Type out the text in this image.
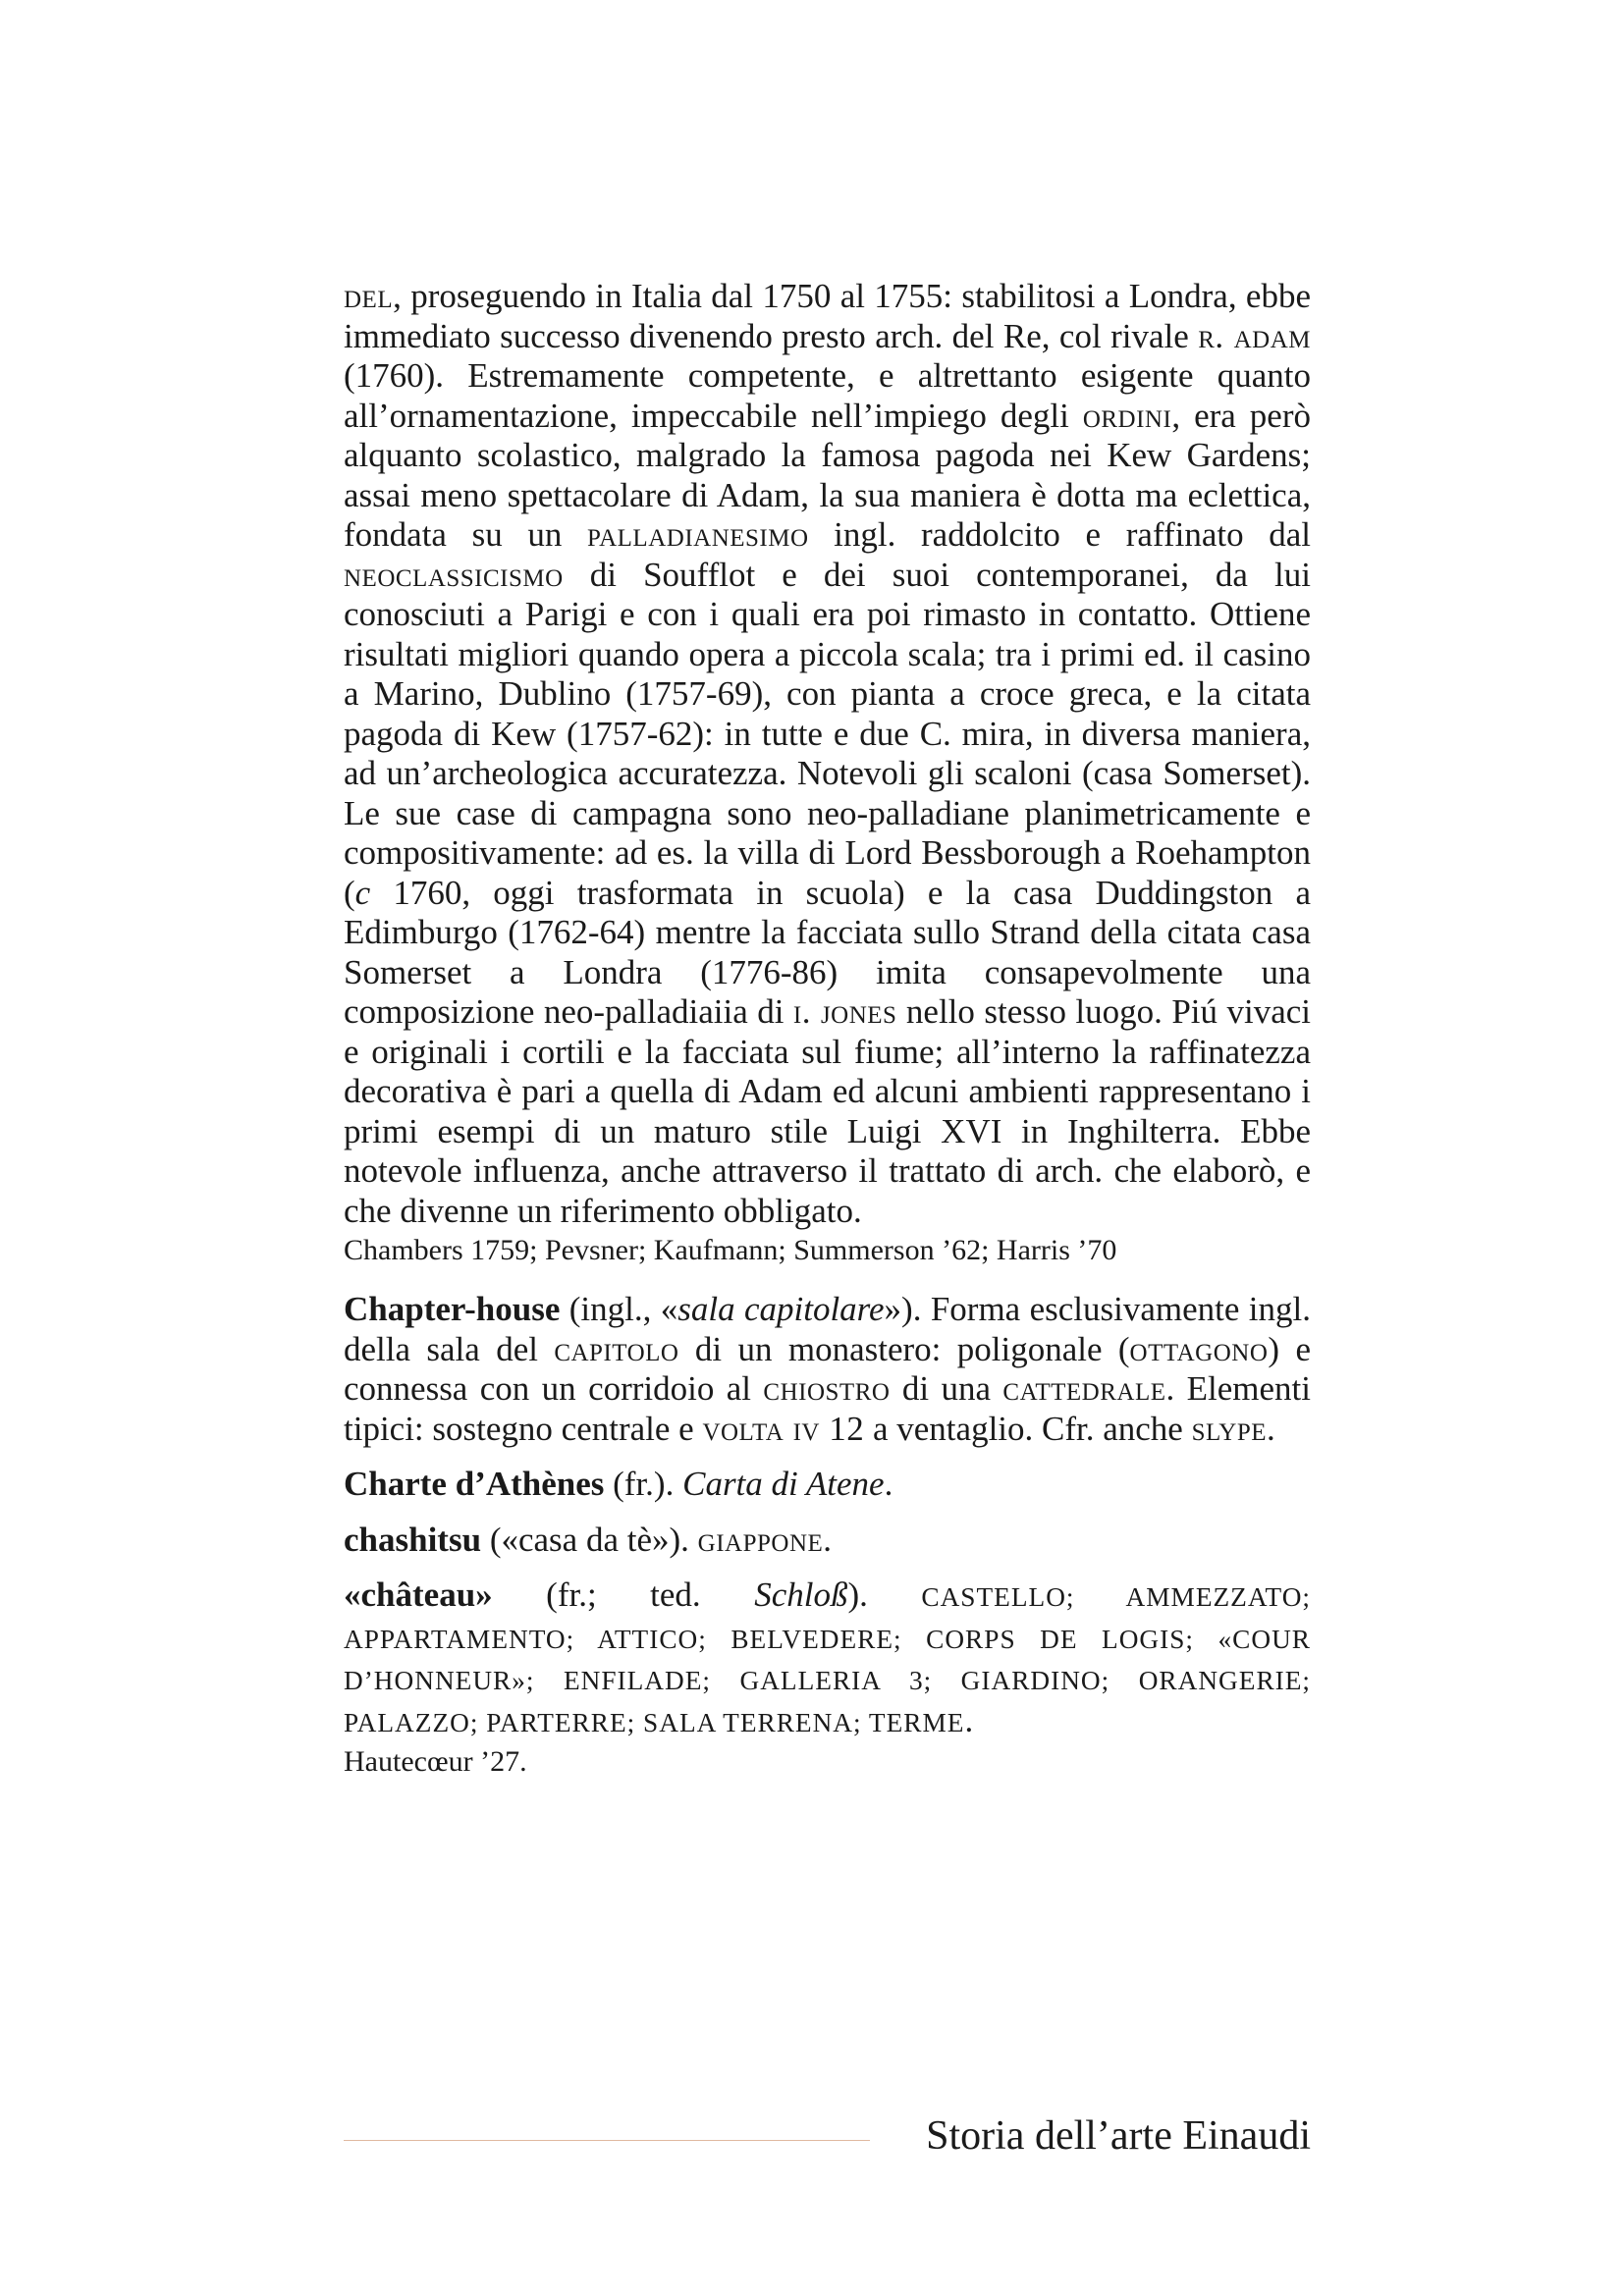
del, proseguendo in Italia dal 1750 al 1755: stabilitosi a Londra, ebbe immediato successo divenendo presto arch. del Re, col rivale r. adam (1760). Estremamente competente, e altrettanto esigente quanto all’ornamentazione, impeccabile nell’impiego degli ordini, era però alquanto scolastico, malgrado la famosa pagoda nei Kew Gardens; assai meno spettacolare di Adam, la sua maniera è dotta ma eclettica, fondata su un palladianesimo ingl. raddolcito e raffinato dal neoclassicismo di Soufflot e dei suoi contemporanei, da lui conosciuti a Parigi e con i quali era poi rimasto in contatto. Ottiene risultati migliori quando opera a piccola scala; tra i primi ed. il casino a Marino, Dublino (1757-69), con pianta a croce greca, e la citata pagoda di Kew (1757-62): in tutte e due C. mira, in diversa maniera, ad un’archeologica accuratezza. Notevoli gli scaloni (casa Somerset). Le sue case di campagna sono neo-palladiane planimetricamente e compositivamente: ad es. la villa di Lord Bessborough a Roehampton (c 1760, oggi trasformata in scuola) e la casa Duddingston a Edimburgo (1762-64) mentre la facciata sullo Strand della citata casa Somerset a Londra (1776-86) imita consapevolmente una composizione neo-palladiaiia di i. jones nello stesso luogo. Piú vivaci e originali i cortili e la facciata sul fiume; all’interno la raffinatezza decorativa è pari a quella di Adam ed alcuni ambienti rappresentano i primi esempi di un maturo stile Luigi XVI in Inghilterra. Ebbe notevole influenza, anche attraverso il trattato di arch. che elaborò, e che divenne un riferimento obbligato.

Chambers 1759; Pevsner; Kaufmann; Summerson ’62; Harris ’70

Chapter-house (ingl., «sala capitolare»). Forma esclusivamente ingl. della sala del capitolo di un monastero: poligonale (ottagono) e connessa con un corridoio al chiostro di una cattedrale. Elementi tipici: sostegno centrale e volta iv 12 a ventaglio. Cfr. anche slype.

Charte d’Athènes (fr.). Carta di Atene.

chashitsu («casa da tè»). giappone.

«château» (fr.; ted. Schloß). CASTELLO; AMMEZZATO; APPARTAMENTO; ATTICO; BELVEDERE; CORPS DE LOGIS; «COUR D’HONNEUR»; ENFILADE; GALLERIA 3; GIARDINO; ORANGERIE; PALAZZO; PARTERRE; SALA TERRENA; TERME.

Hautecœur ’27.

Storia dell’arte Einaudi
